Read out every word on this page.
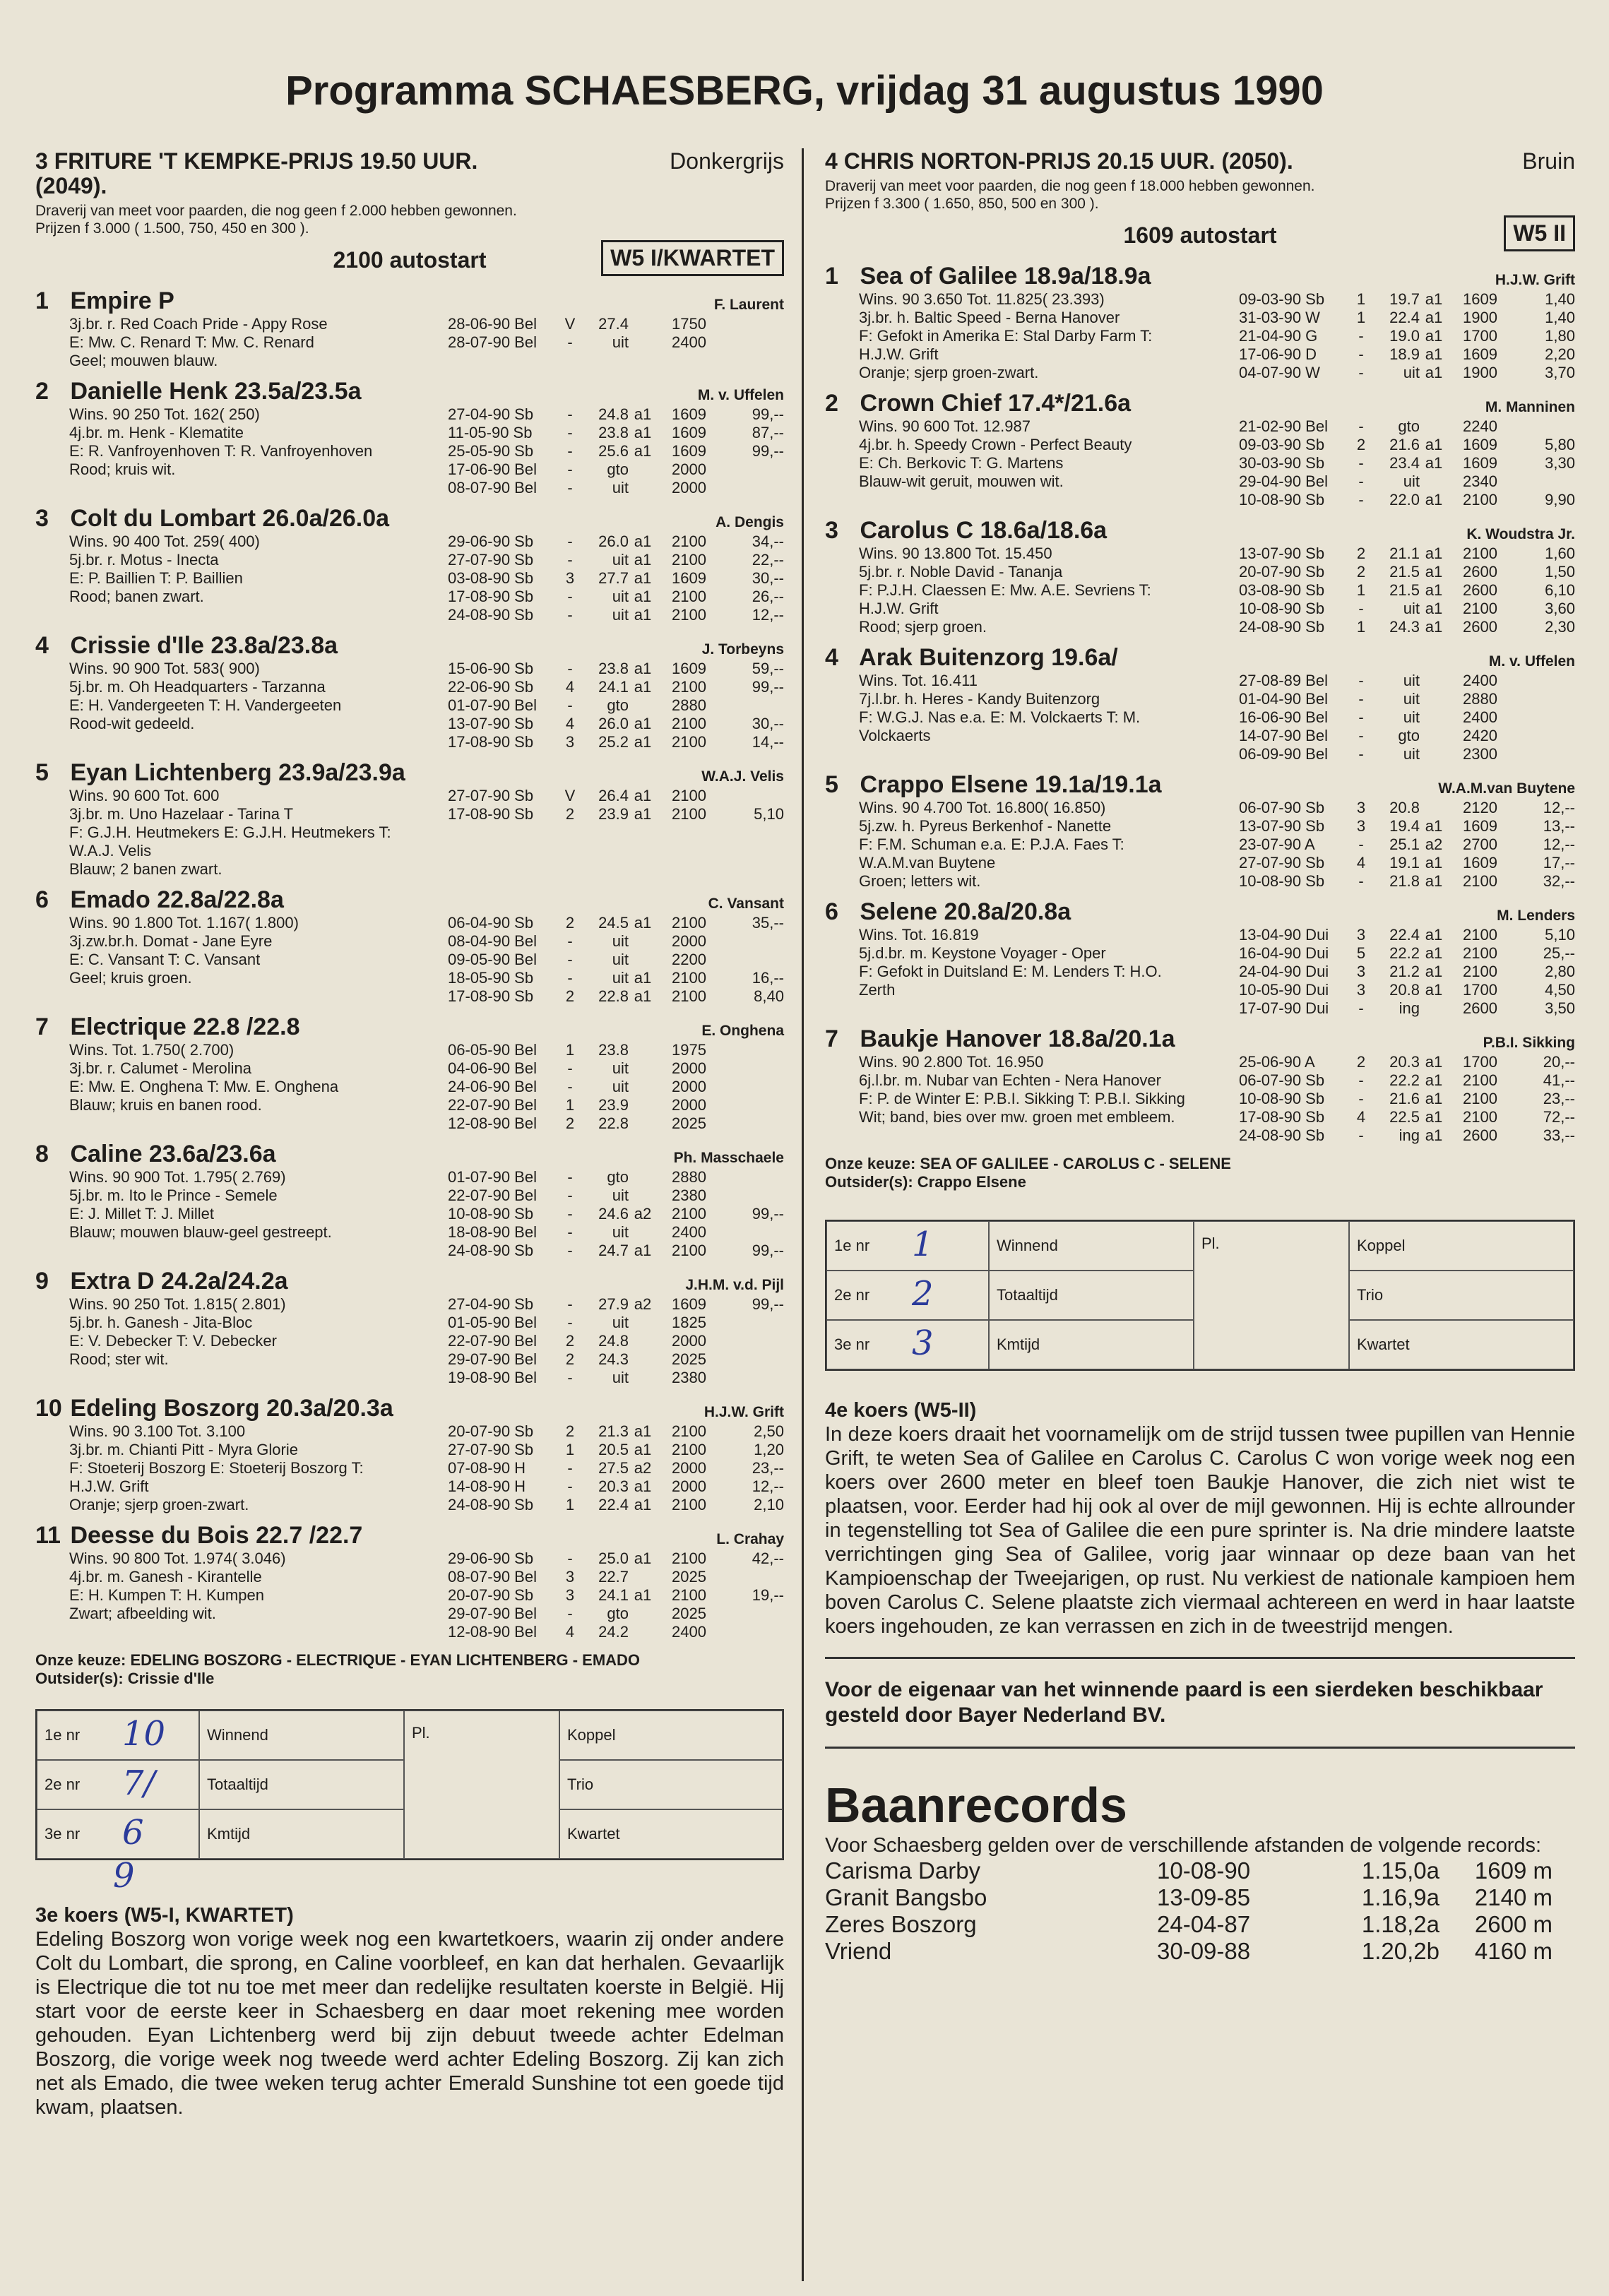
Programma SCHAESBERG, vrijdag 31 augustus 1990
3 FRITURE 'T KEMPKE-PRIJS 19.50 UUR.	Donkergrijs
(2049).
Draverij van meet voor paarden, die nog geen f 2.000 hebben gewonnen.
Prijzen f 3.000 ( 1.500, 750, 450 en 300 ).
2100 autostart	W5 I/KWARTET
1 Empire P	F. Laurent
3j.br. r. Red Coach Pride - Appy Rose
E: Mw. C. Renard T: Mw. C. Renard
Geel; mouwen blauw.
28-06-90 Bel	V	27.4	1750
28-07-90 Bel	-	uit	2400
2 Danielle Henk 23.5a/23.5a	M. v. Uffelen
Wins. 90 250 Tot. 162( 250)
4j.br. m. Henk - Klematite
E: R. Vanfroyenhoven T: R. Vanfroyenhoven
Rood; kruis wit.
27-04-90 Sb	-	24.8 a1	1609	99,--
11-05-90 Sb	-	23.8 a1	1609	87,--
25-05-90 Sb	-	25.6 a1	1609	99,--
17-06-90 Bel	-	gto	2000
08-07-90 Bel	-	uit	2000
3 Colt du Lombart 26.0a/26.0a	A. Dengis
Wins. 90 400 Tot. 259( 400)
5j.br. r. Motus - Inecta
E: P. Baillien T: P. Baillien
Rood; banen zwart.
29-06-90 Sb	-	26.0 a1	2100	34,--
27-07-90 Sb	-	uit a1	2100	22,--
03-08-90 Sb	3	27.7 a1	1609	30,--
17-08-90 Sb	-	uit a1	2100	26,--
24-08-90 Sb	-	uit a1	2100	12,--
4 Crissie d'Ile 23.8a/23.8a	J. Torbeyns
Wins. 90 900 Tot. 583( 900)
5j.br. m. Oh Headquarters - Tarzanna
E: H. Vandergeeten T: H. Vandergeeten
Rood-wit gedeeld.
15-06-90 Sb	-	23.8 a1	1609	59,--
22-06-90 Sb	4	24.1 a1	2100	99,--
01-07-90 Bel	-	gto	2880
13-07-90 Sb	4	26.0 a1	2100	30,--
17-08-90 Sb	3	25.2 a1	2100	14,--
5 Eyan Lichtenberg 23.9a/23.9a	W.A.J. Velis
Wins. 90 600 Tot. 600
3j.br. m. Uno Hazelaar - Tarina T
F: G.J.H. Heutmekers E: G.J.H. Heutmekers T:
W.A.J. Velis
Blauw; 2 banen zwart.
27-07-90 Sb	V	26.4 a1	2100
17-08-90 Sb	2	23.9 a1	2100	5,10
6 Emado 22.8a/22.8a	C. Vansant
Wins. 90 1.800 Tot. 1.167( 1.800)
3j.zw.br.h. Domat - Jane Eyre
E: C. Vansant T: C. Vansant
Geel; kruis groen.
06-04-90 Sb	2	24.5 a1	2100	35,--
08-04-90 Bel	-	uit	2000
09-05-90 Bel	-	uit	2200
18-05-90 Sb	-	uit a1	2100	16,--
17-08-90 Sb	2	22.8 a1	2100	8,40
7 Electrique 22.8 /22.8	E. Onghena
Wins. Tot. 1.750( 2.700)
3j.br. r. Calumet - Merolina
E: Mw. E. Onghena T: Mw. E. Onghena
Blauw; kruis en banen rood.
06-05-90 Bel	1	23.8	1975
04-06-90 Bel	-	uit	2000
24-06-90 Bel	-	uit	2000
22-07-90 Bel	1	23.9	2000
12-08-90 Bel	2	22.8	2025
8 Caline 23.6a/23.6a	Ph. Masschaele
Wins. 90 900 Tot. 1.795( 2.769)
5j.br. m. Ito le Prince - Semele
E: J. Millet T: J. Millet
Blauw; mouwen blauw-geel gestreept.
01-07-90 Bel	-	gto	2880
22-07-90 Bel	-	uit	2380
10-08-90 Sb	-	24.6 a2	2100	99,--
18-08-90 Bel	-	uit	2400
24-08-90 Sb	-	24.7 a1	2100	99,--
9 Extra D 24.2a/24.2a	J.H.M. v.d. Pijl
Wins. 90 250 Tot. 1.815( 2.801)
5j.br. h. Ganesh - Jita-Bloc
E: V. Debecker T: V. Debecker
Rood; ster wit.
27-04-90 Sb	-	27.9 a2	1609	99,--
01-05-90 Bel	-	uit	1825
22-07-90 Bel	2	24.8	2000
29-07-90 Bel	2	24.3	2025
19-08-90 Bel	-	uit	2380
10 Edeling Boszorg 20.3a/20.3a	H.J.W. Grift
Wins. 90 3.100 Tot. 3.100
3j.br. m. Chianti Pitt - Myra Glorie
F: Stoeterij Boszorg E: Stoeterij Boszorg T:
H.J.W. Grift
Oranje; sjerp groen-zwart.
20-07-90 Sb	2	21.3 a1	2100	2,50
27-07-90 Sb	1	20.5 a1	2100	1,20
07-08-90 H	-	27.5 a2	2000	23,--
14-08-90 H	-	20.3 a1	2000	12,--
24-08-90 Sb	1	22.4 a1	2100	2,10
11 Deesse du Bois 22.7 /22.7	L. Crahay
Wins. 90 800 Tot. 1.974( 3.046)
4j.br. m. Ganesh - Kirantelle
E: H. Kumpen T: H. Kumpen
Zwart; afbeelding wit.
29-06-90 Sb	-	25.0 a1	2100	42,--
08-07-90 Bel	3	22.7	2025
20-07-90 Sb	3	24.1 a1	2100	19,--
29-07-90 Bel	-	gto	2025
12-08-90 Bel	4	24.2	2400
Onze keuze: EDELING BOSZORG - ELECTRIQUE - EYAN LICHTENBERG - EMADO
Outsider(s): Crissie d'Ile
1e nr 10	Winnend	Pl.	Koppel
2e nr 7/	Totaaltijd	Trio
3e nr 6	Kmtijd	Kwartet
9
3e koers (W5-I, KWARTET)
Edeling Boszorg won vorige week nog een kwartetkoers, waarin zij onder andere Colt du Lombart, die sprong, en Caline voorbleef, en kan dat herhalen. Gevaarlijk is Electrique die tot nu toe met meer dan redelijke resultaten koerste in België. Hij start voor de eerste keer in Schaesberg en daar moet rekening mee worden gehouden. Eyan Lichtenberg werd bij zijn debuut tweede achter Edelman Boszorg, die vorige week nog tweede werd achter Edeling Boszorg. Zij kan zich net als Emado, die twee weken terug achter Emerald Sunshine tot een goede tijd kwam, plaatsen.
4 CHRIS NORTON-PRIJS 20.15 UUR. (2050).	Bruin
Draverij van meet voor paarden, die nog geen f 18.000 hebben gewonnen.
Prijzen f 3.300 ( 1.650, 850, 500 en 300 ).
1609 autostart	W5 II
1 Sea of Galilee 18.9a/18.9a	H.J.W. Grift
Wins. 90 3.650 Tot. 11.825( 23.393)
3j.br. h. Baltic Speed - Berna Hanover
F: Gefokt in Amerika E: Stal Darby Farm T:
H.J.W. Grift
Oranje; sjerp groen-zwart.
09-03-90 Sb	1	19.7 a1	1609	1,40
31-03-90 W	1	22.4 a1	1900	1,40
21-04-90 G	-	19.0 a1	1700	1,80
17-06-90 D	-	18.9 a1	1609	2,20
04-07-90 W	-	uit a1	1900	3,70
2 Crown Chief 17.4*/21.6a	M. Manninen
Wins. 90 600 Tot. 12.987
4j.br. h. Speedy Crown - Perfect Beauty
E: Ch. Berkovic T: G. Martens
Blauw-wit geruit, mouwen wit.
21-02-90 Bel	-	gto	2240
09-03-90 Sb	2	21.6 a1	1609	5,80
30-03-90 Sb	-	23.4 a1	1609	3,30
29-04-90 Bel	-	uit	2340
10-08-90 Sb	-	22.0 a1	2100	9,90
3 Carolus C 18.6a/18.6a	K. Woudstra Jr.
Wins. 90 13.800 Tot. 15.450
5j.br. r. Noble David - Tananja
F: P.J.H. Claessen E: Mw. A.E. Sevriens T:
H.J.W. Grift
Rood; sjerp groen.
13-07-90 Sb	2	21.1 a1	2100	1,60
20-07-90 Sb	2	21.5 a1	2600	1,50
03-08-90 Sb	1	21.5 a1	2600	6,10
10-08-90 Sb	-	uit a1	2100	3,60
24-08-90 Sb	1	24.3 a1	2600	2,30
4 Arak Buitenzorg 19.6a/	M. v. Uffelen
Wins. Tot. 16.411
7j.l.br. h. Heres - Kandy Buitenzorg
F: W.G.J. Nas e.a. E: M. Volckaerts T: M.
Volckaerts
27-08-89 Bel	-	uit	2400
01-04-90 Bel	-	uit	2880
16-06-90 Bel	-	uit	2400
14-07-90 Bel	-	gto	2420
06-09-90 Bel	-	uit	2300
5 Crappo Elsene 19.1a/19.1a	W.A.M.van Buytene
Wins. 90 4.700 Tot. 16.800( 16.850)
5j.zw. h. Pyreus Berkenhof - Nanette
F: F.M. Schuman e.a. E: P.J.A. Faes T:
W.A.M.van Buytene
Groen; letters wit.
06-07-90 Sb	3	20.8	2120	12,--
13-07-90 Sb	3	19.4 a1	1609	13,--
23-07-90 A	-	25.1 a2	2700	12,--
27-07-90 Sb	4	19.1 a1	1609	17,--
10-08-90 Sb	-	21.8 a1	2100	32,--
6 Selene 20.8a/20.8a	M. Lenders
Wins. Tot. 16.819
5j.d.br. m. Keystone Voyager - Oper
F: Gefokt in Duitsland E: M. Lenders T: H.O.
Zerth
13-04-90 Dui	3	22.4 a1	2100	5,10
16-04-90 Dui	5	22.2 a1	2100	25,--
24-04-90 Dui	3	21.2 a1	2100	2,80
10-05-90 Dui	3	20.8 a1	1700	4,50
17-07-90 Dui	-	ing	2600	3,50
7 Baukje Hanover 18.8a/20.1a	P.B.I. Sikking
Wins. 90 2.800 Tot. 16.950
6j.l.br. m. Nubar van Echten - Nera Hanover
F: P. de Winter E: P.B.I. Sikking T: P.B.I. Sikking
Wit; band, bies over mw. groen met embleem.
25-06-90 A	2	20.3 a1	1700	20,--
06-07-90 Sb	-	22.2 a1	2100	41,--
10-08-90 Sb	-	21.6 a1	2100	23,--
17-08-90 Sb	4	22.5 a1	2100	72,--
24-08-90 Sb	-	ing a1	2600	33,--
Onze keuze: SEA OF GALILEE - CAROLUS C - SELENE
Outsider(s): Crappo Elsene
1e nr 1	Winnend	Pl.	Koppel
2e nr 2	Totaaltijd	Trio
3e nr 3	Kmtijd	Kwartet
4e koers (W5-II)
In deze koers draait het voornamelijk om de strijd tussen twee pupillen van Hennie Grift, te weten Sea of Galilee en Carolus C. Carolus C won vorige week nog een koers over 2600 meter en bleef toen Baukje Hanover, die zich niet wist te plaatsen, voor. Eerder had hij ook al over de mijl gewonnen. Hij is echte allrounder in tegenstelling tot Sea of Galilee die een pure sprinter is. Na drie mindere laatste verrichtingen ging Sea of Galilee, vorig jaar winnaar op deze baan van het Kampioenschap der Tweejarigen, op rust. Nu verkiest de nationale kampioen hem boven Carolus C. Selene plaatste zich viermaal achtereen en werd in haar laatste koers ingehouden, ze kan verrassen en zich in de tweestrijd mengen.
Voor de eigenaar van het winnende paard is een sierdeken beschikbaar gesteld door Bayer Nederland BV.
Baanrecords
Voor Schaesberg gelden over de verschillende afstanden de volgende records:
Carisma Darby	10-08-90	1.15,0a	1609 m
Granit Bangsbo	13-09-85	1.16,9a	2140 m
Zeres Boszorg	24-04-87	1.18,2a	2600 m
Vriend	30-09-88	1.20,2b	4160 m
